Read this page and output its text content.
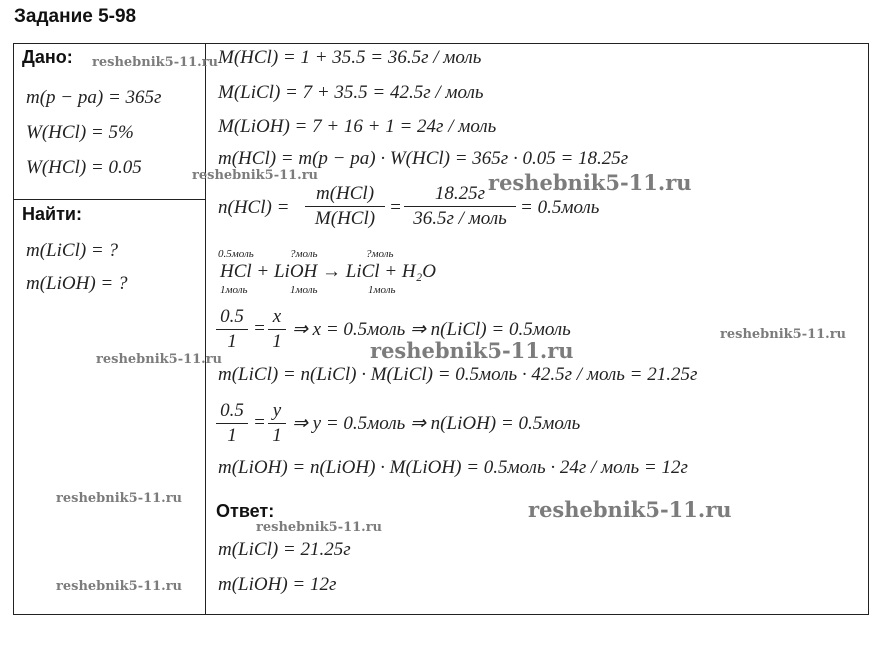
Задание 5-98
Дано:
m(p − pa) = 365г
W(HCl) = 5%
W(HCl) = 0.05
Найти:
m(LiCl) = ?
m(LiOH) = ?
M(HCl) = 1 + 35.5 = 36.5г / моль
M(LiCl) = 7 + 35.5 = 42.5г / моль
M(LiOH) = 7 + 16 + 1 = 24г / моль
m(HCl) = m(p − pa) · W(HCl) = 365г · 0.05 = 18.25г
n(HCl) =
m(HCl)
M(HCl)
=
18.25г
36.5г / моль
= 0.5моль
0.5моль	?моль	?моль
HCl + LiOH → LiCl + H₂O
1моль	1моль	1моль
0.5
1
=
x
1
⇒ x = 0.5моль ⇒ n(LiCl) = 0.5моль
m(LiCl) = n(LiCl) · M(LiCl) = 0.5моль · 42.5г / моль = 21.25г
0.5
1
=
y
1
⇒ y = 0.5моль ⇒ n(LiOH) = 0.5моль
m(LiOH) = n(LiOH) · M(LiOH) = 0.5моль · 24г / моль = 12г
Ответ:
m(LiCl) = 21.25г
m(LiOH) = 12г
reshebnik5-11.ru
reshebnik5-11.ru	reshebnik5-11.ru
reshebnik5-11.ru
reshebnik5-11.ru
reshebnik5-11.ru
reshebnik5-11.ru	reshebnik5-11.ru
reshebnik5-11.ru
reshebnik5-11.ru
